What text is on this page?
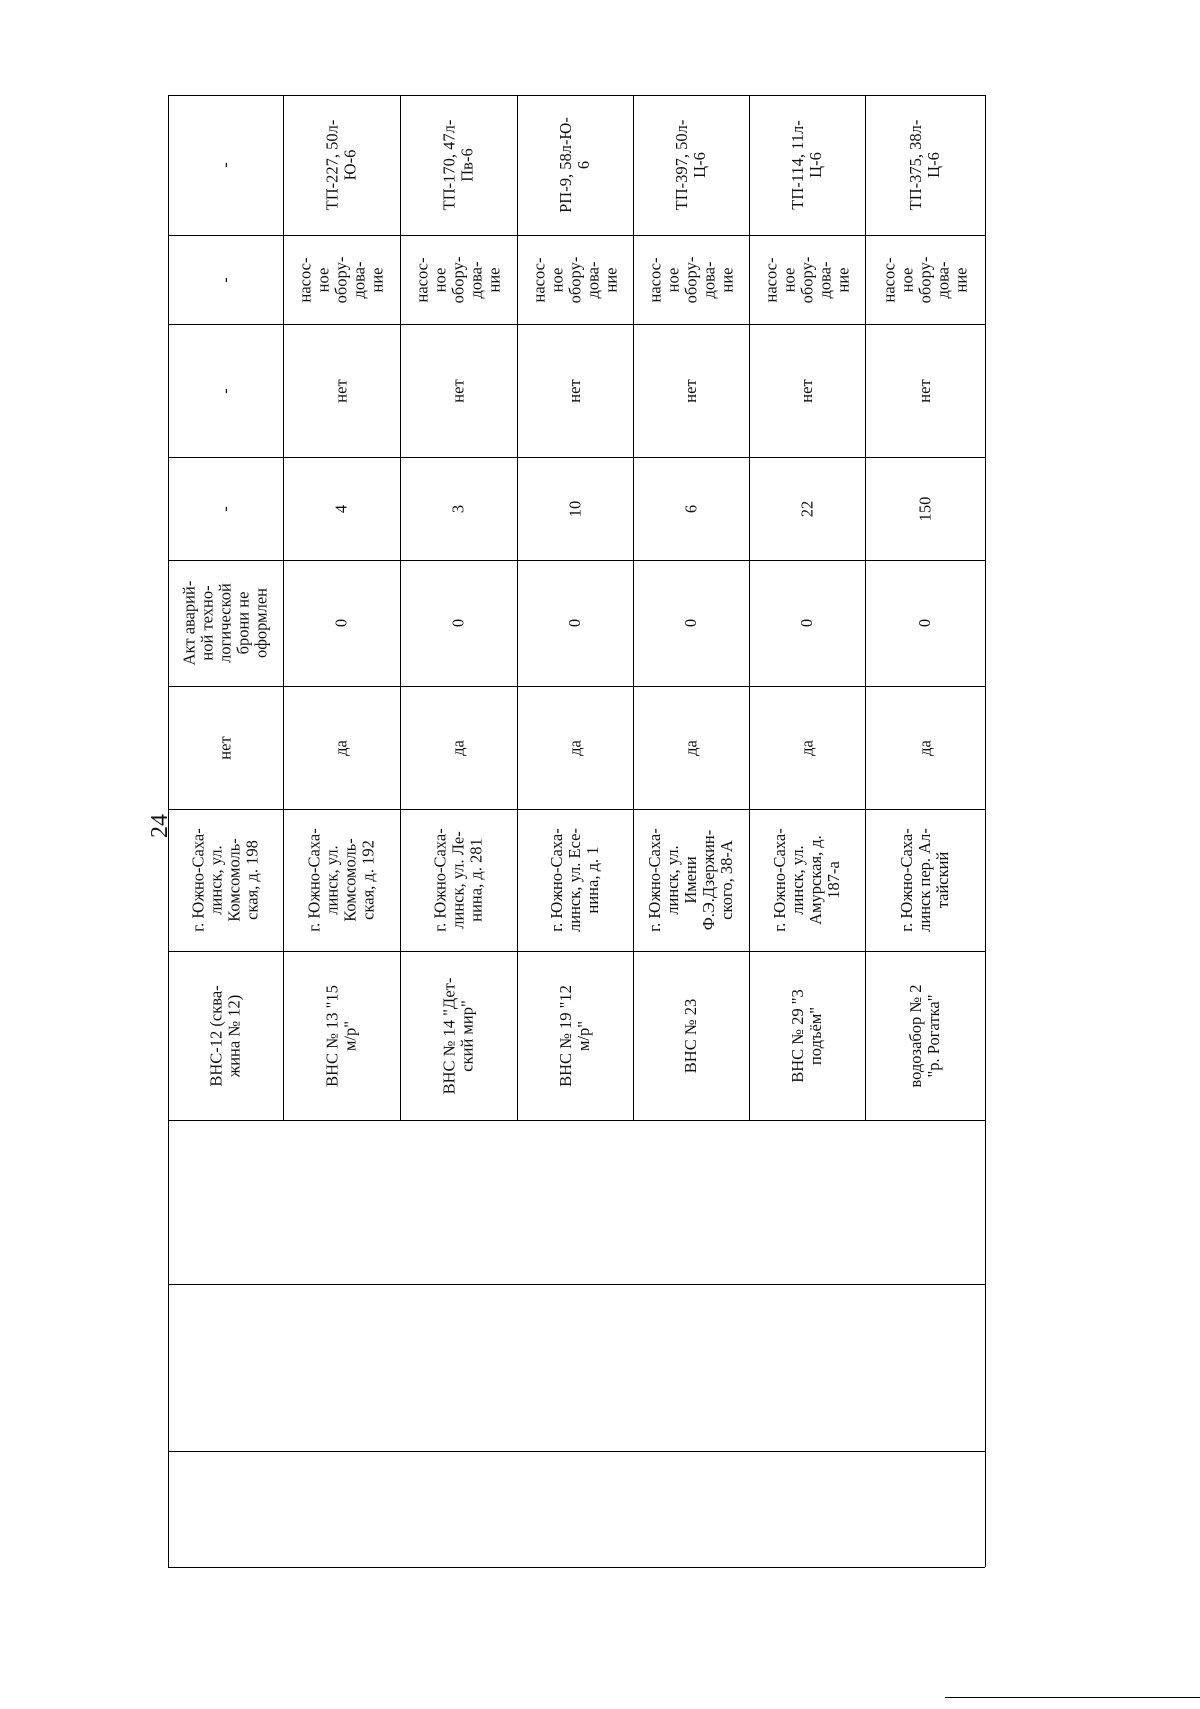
24
-
-
-
-
Акт аварий-
ной техно-
логической
брони не
оформлен
нет
г. Южно-Саха-
линск, ул.
Комсомоль-
ская, д. 198
ВНС-12 (сква-
жина № 12)
ТП-227, 50л-
Ю-6
насос-
ное
обору-
дова-
ние
нет
4
0
да
г. Южно-Саха-
линск, ул.
Комсомоль-
ская, д. 192
ВНС № 13 "15
м/р"
ТП-170, 47л-
Пв-6
насос-
ное
обору-
дова-
ние
нет
3
0
да
г. Южно-Саха-
линск, ул. Ле-
нина, д. 281
ВНС № 14 "Дет-
ский мир"
РП-9, 58л-Ю-
6
насос-
ное
обору-
дова-
ние
нет
10
0
да
г. Южно-Саха-
линск, ул. Есе-
нина, д. 1
ВНС № 19 "12
м/р"
ТП-397, 50л-
Ц-6
насос-
ное
обору-
дова-
ние
нет
6
0
да
г. Южно-Саха-
линск, ул.
Имени
Ф.Э.Дзержин-
ского, 38-А
ВНС № 23
ТП-114, 11л-
Ц-6
насос-
ное
обору-
дова-
ние
нет
22
0
да
г. Южно-Саха-
линск, ул.
Амурская, д.
187-а
ВНС № 29 "3
подъём"
ТП-375, 38л-
Ц-6
насос-
ное
обору-
дова-
ние
нет
150
0
да
г. Южно-Саха-
линск пер. Ал-
тайский
водозабор № 2
"р. Рогатка"
